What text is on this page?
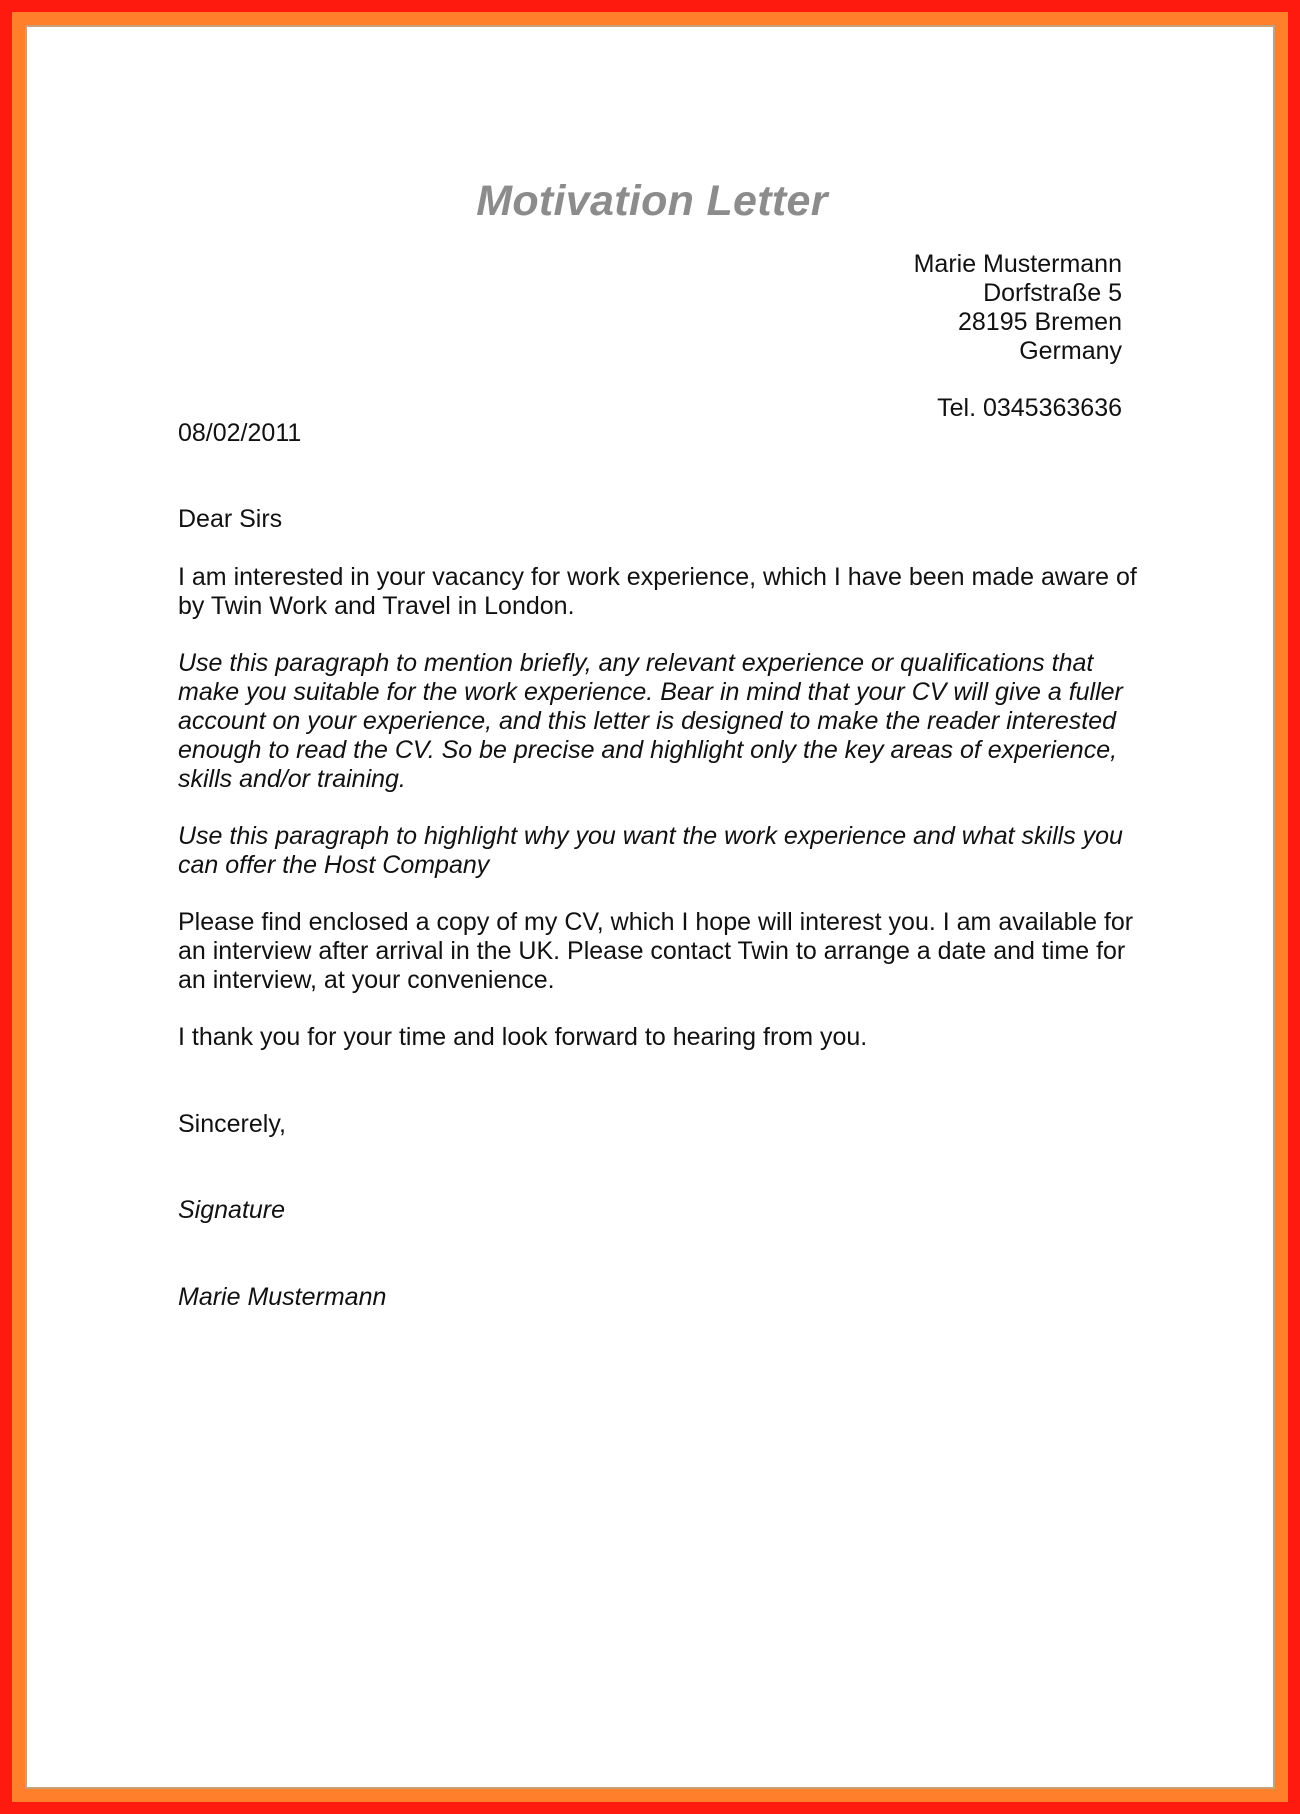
Motivation Letter
Marie Mustermann
Dorfstraße 5
28195 Bremen
Germany
Tel. 0345363636

08/02/2011

Dear Sirs

I am interested in your vacancy for work experience, which I have been made aware of by Twin Work and Travel in London.

Use this paragraph to mention briefly, any relevant experience or qualifications that make you suitable for the work experience. Bear in mind that your CV will give a fuller account on your experience, and this letter is designed to make the reader interested enough to read the CV. So be precise and highlight only the key areas of experience, skills and/or training.

Use this paragraph to highlight why you want the work experience and what skills you can offer the Host Company

Please find enclosed a copy of my CV, which I hope will interest you. I am available for an interview after arrival in the UK. Please contact Twin to arrange a date and time for an interview, at your convenience.

I thank you for your time and look forward to hearing from you.

Sincerely,

Signature

Marie Mustermann
